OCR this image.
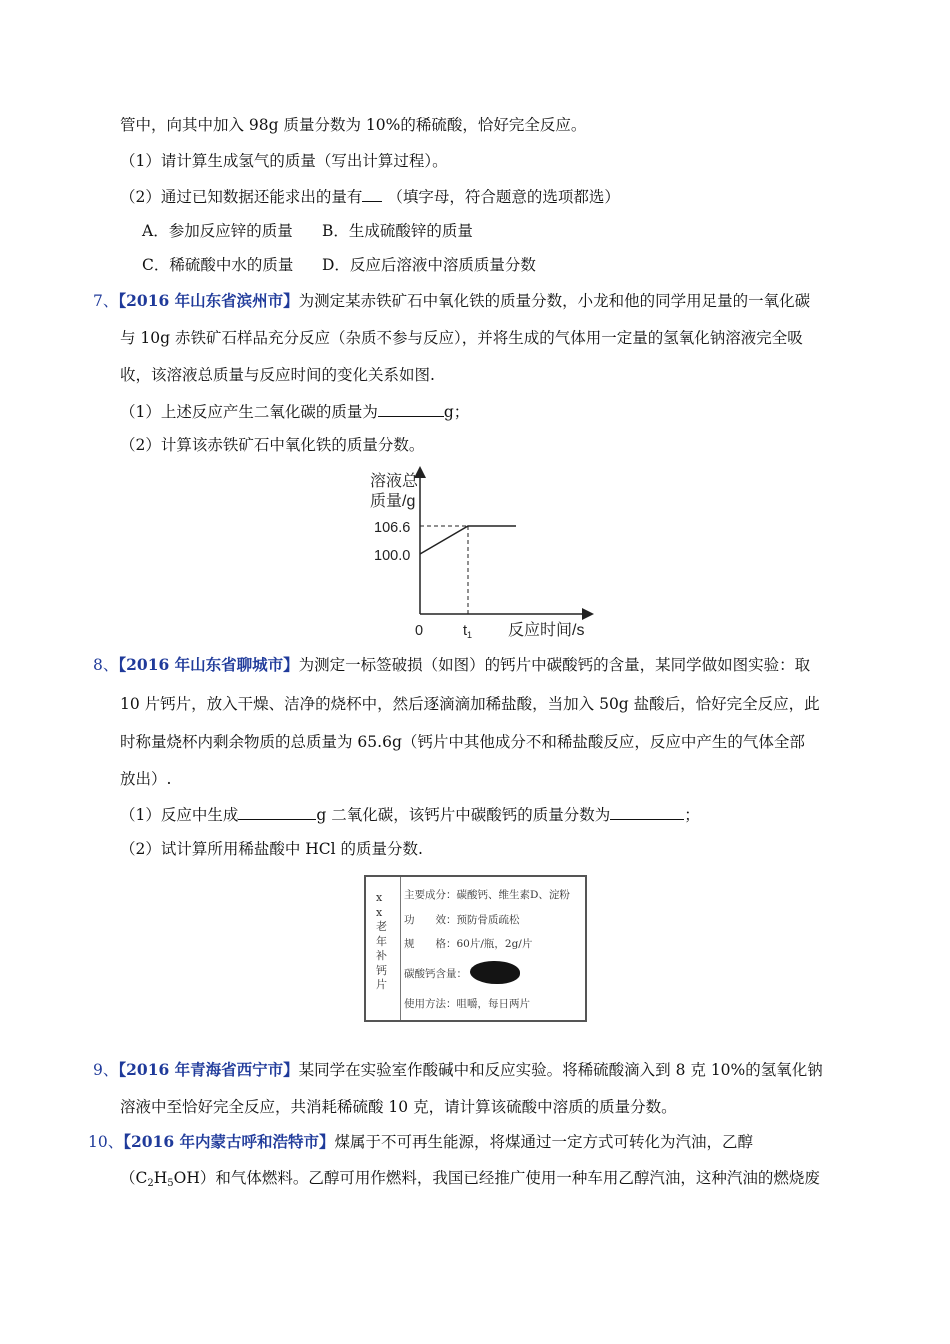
管中，向其中加入 98g 质量分数为 10%的稀硫酸，恰好完全反应。
（1）请计算生成氢气的质量（写出计算过程）。
（2）通过已知数据还能求出的量有 （填字母，符合题意的选项都选）
A．参加反应锌的质量 B．生成硫酸锌的质量
C．稀硫酸中水的质量 D．反应后溶液中溶质质量分数
7、【2016 年山东省滨州市】为测定某赤铁矿石中氧化铁的质量分数，小龙和他的同学用足量的一氧化碳
与 10g 赤铁矿石样品充分反应（杂质不参与反应），并将生成的气体用一定量的氢氧化钠溶液完全吸
收，该溶液总质量与反应时间的变化关系如图.
（1）上述反应产生二氧化碳的质量为	g；
（2）计算该赤铁矿石中氧化铁的质量分数。
溶液总
质量/g
106.6
100.0
0	$t_1$ 反应时间/s
8、【2016 年山东省聊城市】为测定一标签破损（如图）的钙片中碳酸钙的含量，某同学做如图实验：取
10 片钙片，放入干燥、洁净的烧杯中，然后逐滴滴加稀盐酸，当加入 50g 盐酸后，恰好完全反应，此
时称量烧杯内剩余物质的总质量为 65.6g（钙片中其他成分不和稀盐酸反应，反应中产生的气体全部
放出）.
（1）反应中生成	g 二氧化碳，该钙片中碳酸钙的质量分数为	；
（2）试计算所用稀盐酸中 HCl 的质量分数.
x x 老 年 补 钙 片
主要成分：碳酸钙、维生素D、淀粉
功　　效：预防骨质疏松
规　　格：60片/瓶，2g/片
碳酸钙含量：
使用方法：咀嚼，每日两片
9、【2016 年青海省西宁市】某同学在实验室作酸碱中和反应实验。将稀硫酸滴入到 8 克 10%的氢氧化钠
溶液中至恰好完全反应，共消耗稀硫酸 10 克，请计算该硫酸中溶质的质量分数。
10、【2016 年内蒙古呼和浩特市】煤属于不可再生能源，将煤通过一定方式可转化为汽油，乙醇
$(C_2H_5OH)$和气体燃料。乙醇可用作燃料，我国已经推广使用一种车用乙醇汽油，这种汽油的燃烧废
